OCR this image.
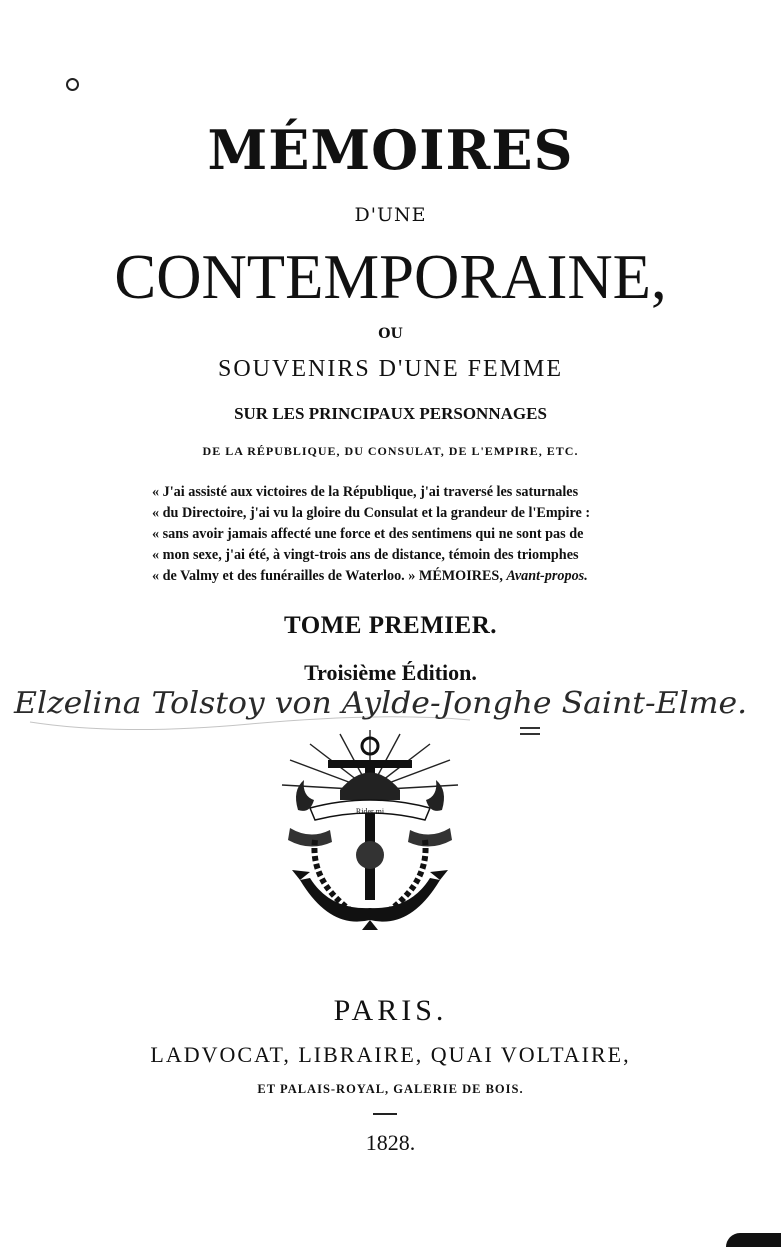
MÉMOIRES
D'UNE
CONTEMPORAINE,
OU
SOUVENIRS D'UNE FEMME
SUR LES PRINCIPAUX PERSONNAGES
DE LA RÉPUBLIQUE, DU CONSULAT, DE L'EMPIRE, ETC.
« J'ai assisté aux victoires de la République, j'ai traversé les saturnales
« du Directoire, j'ai vu la gloire du Consulat et la grandeur de l'Empire :
« sans avoir jamais affecté une force et des sentimens qui ne sont pas de
« mon sexe, j'ai été, à vingt-trois ans de distance, témoin des triomphes
« de Valmy et des funérailles de Waterloo. » MÉMOIRES, Avant-propos.
TOME PREMIER.
Troisième Édition.
Elzelina Tolstoy von Aylde-Jonghe Saint-Elme.
Rider mi
PARIS.
LADVOCAT, LIBRAIRE, QUAI VOLTAIRE,
ET PALAIS-ROYAL, GALERIE DE BOIS.
1828.
